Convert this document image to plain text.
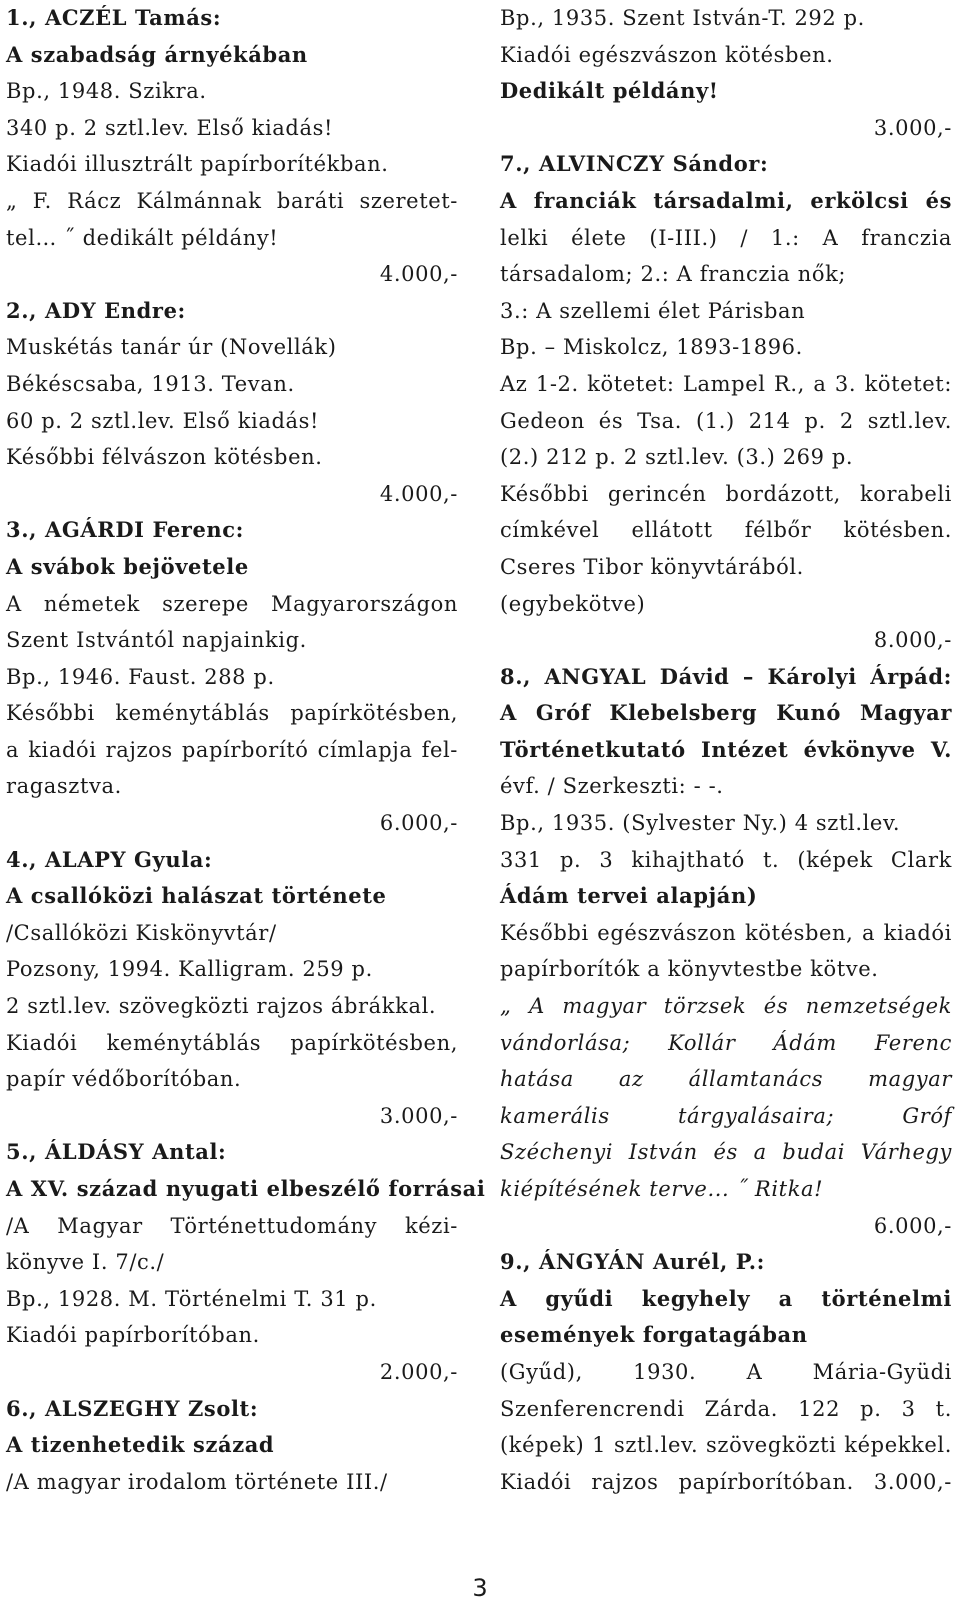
1., ACZÉL Tamás:
A szabadság árnyékában
Bp., 1948. Szikra.
340 p. 2 sztl.lev. Első kiadás!
Kiadói illusztrált papírborítékban.
„ F. Rácz Kálmánnak baráti szeretet-
tel… ˝ dedikált példány!
4.000,-
2., ADY Endre:
Muskétás tanár úr (Novellák)
Békéscsaba, 1913. Tevan.
60 p. 2 sztl.lev. Első kiadás!
Későbbi félvászon kötésben.
4.000,-
3., AGÁRDI Ferenc:
A svábok bejövetele
A németek szerepe Magyarországon
Szent Istvántól napjainkig.
Bp., 1946. Faust. 288 p.
Későbbi keménytáblás papírkötésben,
a kiadói rajzos papírborító címlapja fel-
ragasztva.
6.000,-
4., ALAPY Gyula:
A csallóközi halászat története
/Csallóközi Kiskönyvtár/
Pozsony, 1994. Kalligram. 259 p.
2 sztl.lev. szövegközti rajzos ábrákkal.
Kiadói keménytáblás papírkötésben,
papír védőborítóban.
3.000,-
5., ÁLDÁSY Antal:
A XV. század nyugati elbeszélő forrásai
/A Magyar Történettudomány kézi-
könyve I. 7/c./
Bp., 1928. M. Történelmi T. 31 p.
Kiadói papírborítóban.
2.000,-
6., ALSZEGHY Zsolt:
A tizenhetedik század
/A magyar irodalom története III./
Bp., 1935. Szent István-T. 292 p.
Kiadói egészvászon kötésben.
Dedikált példány!
3.000,-
7., ALVINCZY Sándor:
A franciák társadalmi, erkölcsi és
lelki élete (I-III.) / 1.: A franczia
társadalom; 2.: A franczia nők;
3.: A szellemi élet Párisban
Bp. – Miskolcz, 1893-1896.
Az 1-2. kötetet: Lampel R., a 3. kötetet:
Gedeon és Tsa. (1.) 214 p. 2 sztl.lev.
(2.) 212 p. 2 sztl.lev. (3.) 269 p.
Későbbi gerincén bordázott, korabeli
címkével ellátott félbőr kötésben.
Cseres Tibor könyvtárából.
(egybekötve)
8.000,-
8., ANGYAL Dávid – Károlyi Árpád:
A Gróf Klebelsberg Kunó Magyar
Történetkutató Intézet évkönyve V.
évf. / Szerkeszti: - -.
Bp., 1935. (Sylvester Ny.) 4 sztl.lev.
331 p. 3 kihajtható t. (képek Clark
Ádám tervei alapján)
Későbbi egészvászon kötésben, a kiadói
papírborítók a könyvtestbe kötve.
„ A magyar törzsek és nemzetségek
vándorlása; Kollár Ádám Ferenc
hatása az államtanács magyar
kamerális tárgyalásaira; Gróf
Széchenyi István és a budai Várhegy
kiépítésének terve... ˝ Ritka!
6.000,-
9., ÁNGYÁN Aurél, P.:
A gyűdi kegyhely a történelmi
események forgatagában
(Gyűd), 1930. A Mária-Gyüdi
Szenferencrendi Zárda. 122 p. 3 t.
(képek) 1 sztl.lev. szövegközti képekkel.
Kiadói rajzos papírborítóban. 3.000,-
3
